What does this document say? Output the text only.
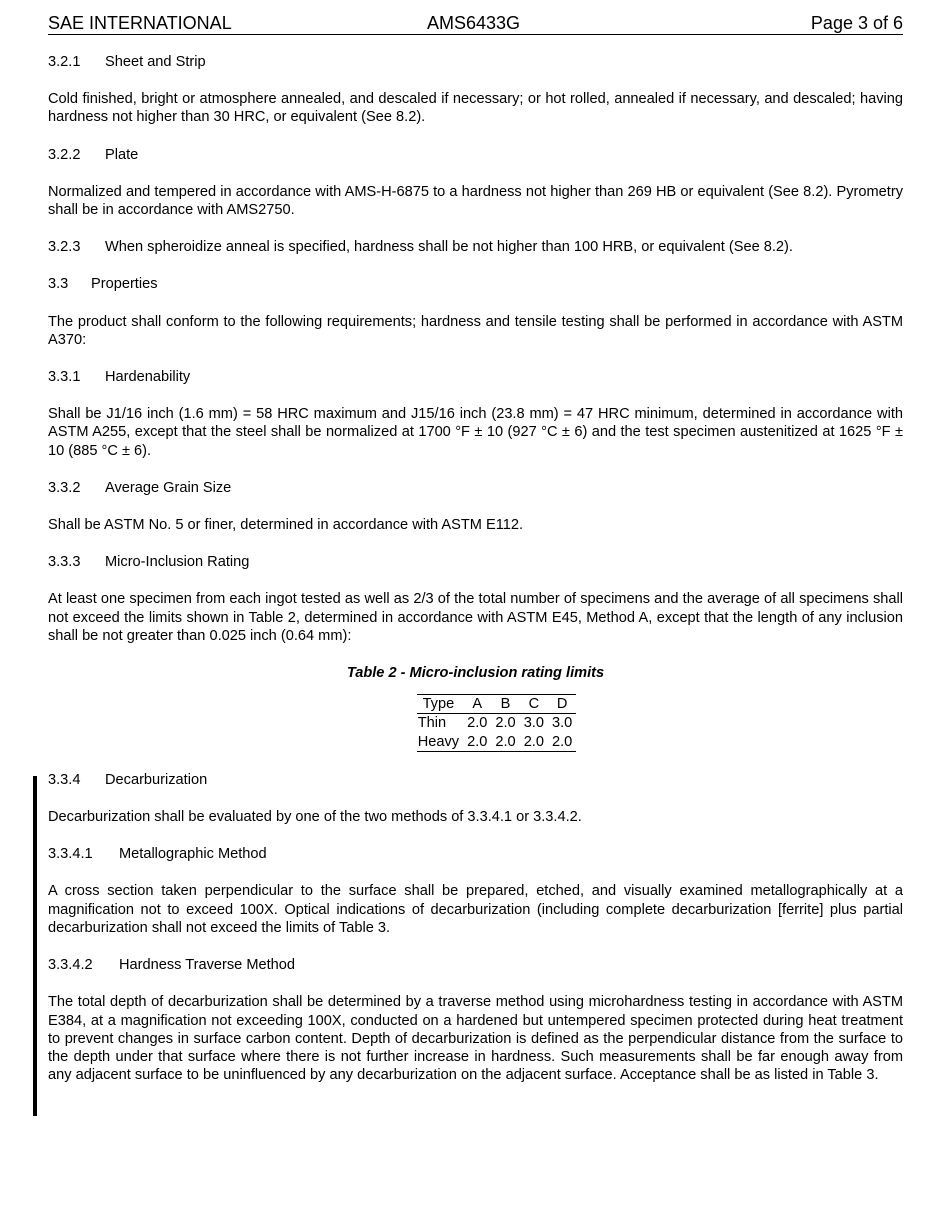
SAE INTERNATIONAL	AMS6433G	Page 3 of 6
3.2.1 Sheet and Strip

Cold finished, bright or atmosphere annealed, and descaled if necessary; or hot rolled, annealed if necessary, and descaled; having hardness not higher than 30 HRC, or equivalent (See 8.2).

3.2.2 Plate

Normalized and tempered in accordance with AMS-H-6875 to a hardness not higher than 269 HB or equivalent (See 8.2). Pyrometry shall be in accordance with AMS2750.

3.2.3 When spheroidize anneal is specified, hardness shall be not higher than 100 HRB, or equivalent (See 8.2).
3.3 Properties

The product shall conform to the following requirements; hardness and tensile testing shall be performed in accordance with ASTM A370:

3.3.1 Hardenability

Shall be J1/16 inch (1.6 mm) = 58 HRC maximum and J15/16 inch (23.8 mm) = 47 HRC minimum, determined in accordance with ASTM A255, except that the steel shall be normalized at 1700 °F ± 10 (927 °C ± 6) and the test specimen austenitized at 1625 °F ± 10 (885 °C ± 6).

3.3.2 Average Grain Size

Shall be ASTM No. 5 or finer, determined in accordance with ASTM E112.

3.3.3 Micro-Inclusion Rating

At least one specimen from each ingot tested as well as 2/3 of the total number of specimens and the average of all specimens shall not exceed the limits shown in Table 2, determined in accordance with ASTM E45, Method A, except that the length of any inclusion shall be not greater than 0.025 inch (0.64 mm):

Table 2 - Micro-inclusion rating limits
Type	A	B	C	D
Thin	2.0	2.0	3.0	3.0
Heavy	2.0	2.0	2.0	2.0
3.3.4 Decarburization

Decarburization shall be evaluated by one of the two methods of 3.3.4.1 or 3.3.4.2.

3.3.4.1 Metallographic Method

A cross section taken perpendicular to the surface shall be prepared, etched, and visually examined metallographically at a magnification not to exceed 100X. Optical indications of decarburization (including complete decarburization [ferrite] plus partial decarburization shall not exceed the limits of Table 3.

3.3.4.2 Hardness Traverse Method

The total depth of decarburization shall be determined by a traverse method using microhardness testing in accordance with ASTM E384, at a magnification not exceeding 100X, conducted on a hardened but untempered specimen protected during heat treatment to prevent changes in surface carbon content. Depth of decarburization is defined as the perpendicular distance from the surface to the depth under that surface where there is not further increase in hardness. Such measurements shall be far enough away from any adjacent surface to be uninfluenced by any decarburization on the adjacent surface. Acceptance shall be as listed in Table 3.
